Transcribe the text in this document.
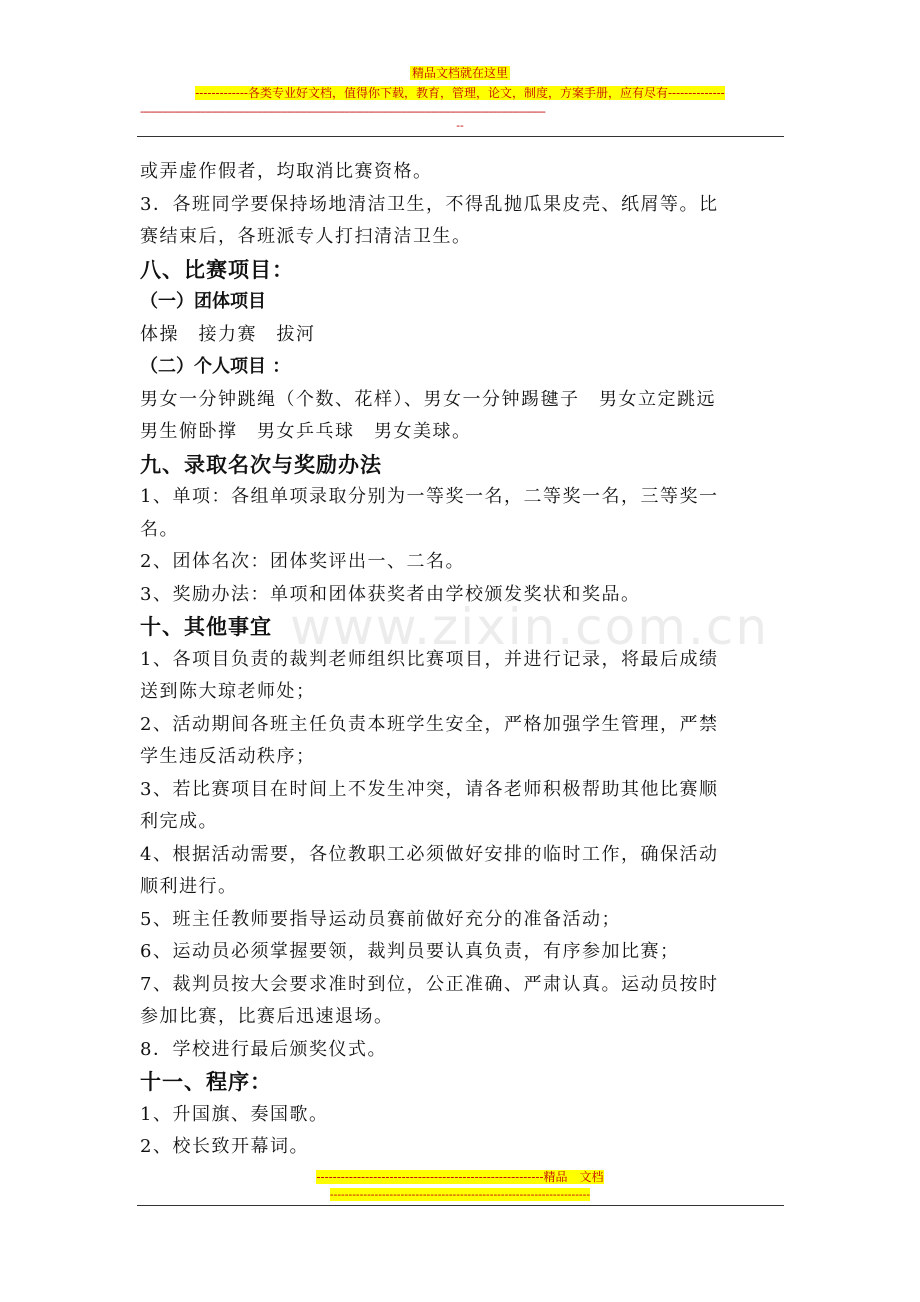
精品文档就在这里
-------------各类专业好文档，值得你下载，教育，管理，论文，制度，方案手册，应有尽有--------------
-----------------------------------------------------------------------------------------------------------------------------------------------------
--
www.zixin.com.cn

或弄虚作假者，均取消比赛资格。

3．各班同学要保持场地清洁卫生，不得乱抛瓜果皮壳、纸屑等。比

赛结束后，各班派专人打扫清洁卫生。

八、比赛项目：

（一）团体项目

体操　接力赛　拔河

（二）个人项目 ：

男女一分钟跳绳（个数、花样）、男女一分钟踢毽子　男女立定跳远

男生俯卧撑　男女乒乓球　男女美球。

九、录取名次与奖励办法

1、单项：各组单项录取分别为一等奖一名，二等奖一名，三等奖一

名。

2、团体名次：团体奖评出一、二名。

3、奖励办法：单项和团体获奖者由学校颁发奖状和奖品。

十、其他事宜

1、各项目负责的裁判老师组织比赛项目，并进行记录，将最后成绩

送到陈大琼老师处；

2、活动期间各班主任负责本班学生安全，严格加强学生管理，严禁

学生违反活动秩序；

3、若比赛项目在时间上不发生冲突，请各老师积极帮助其他比赛顺

利完成。

4、根据活动需要，各位教职工必须做好安排的临时工作，确保活动

顺利进行。

5、班主任教师要指导运动员赛前做好充分的准备活动；

6、运动员必须掌握要领，裁判员要认真负责，有序参加比赛；

7、裁判员按大会要求准时到位，公正准确、严肃认真。运动员按时

参加比赛，比赛后迅速退场。

8．学校进行最后颁奖仪式。

十一、程序：

1、升国旗、奏国歌。

2、校长致开幕词。

--------------------------------------------------------精品　文档
----------------------------------------------------------------------
